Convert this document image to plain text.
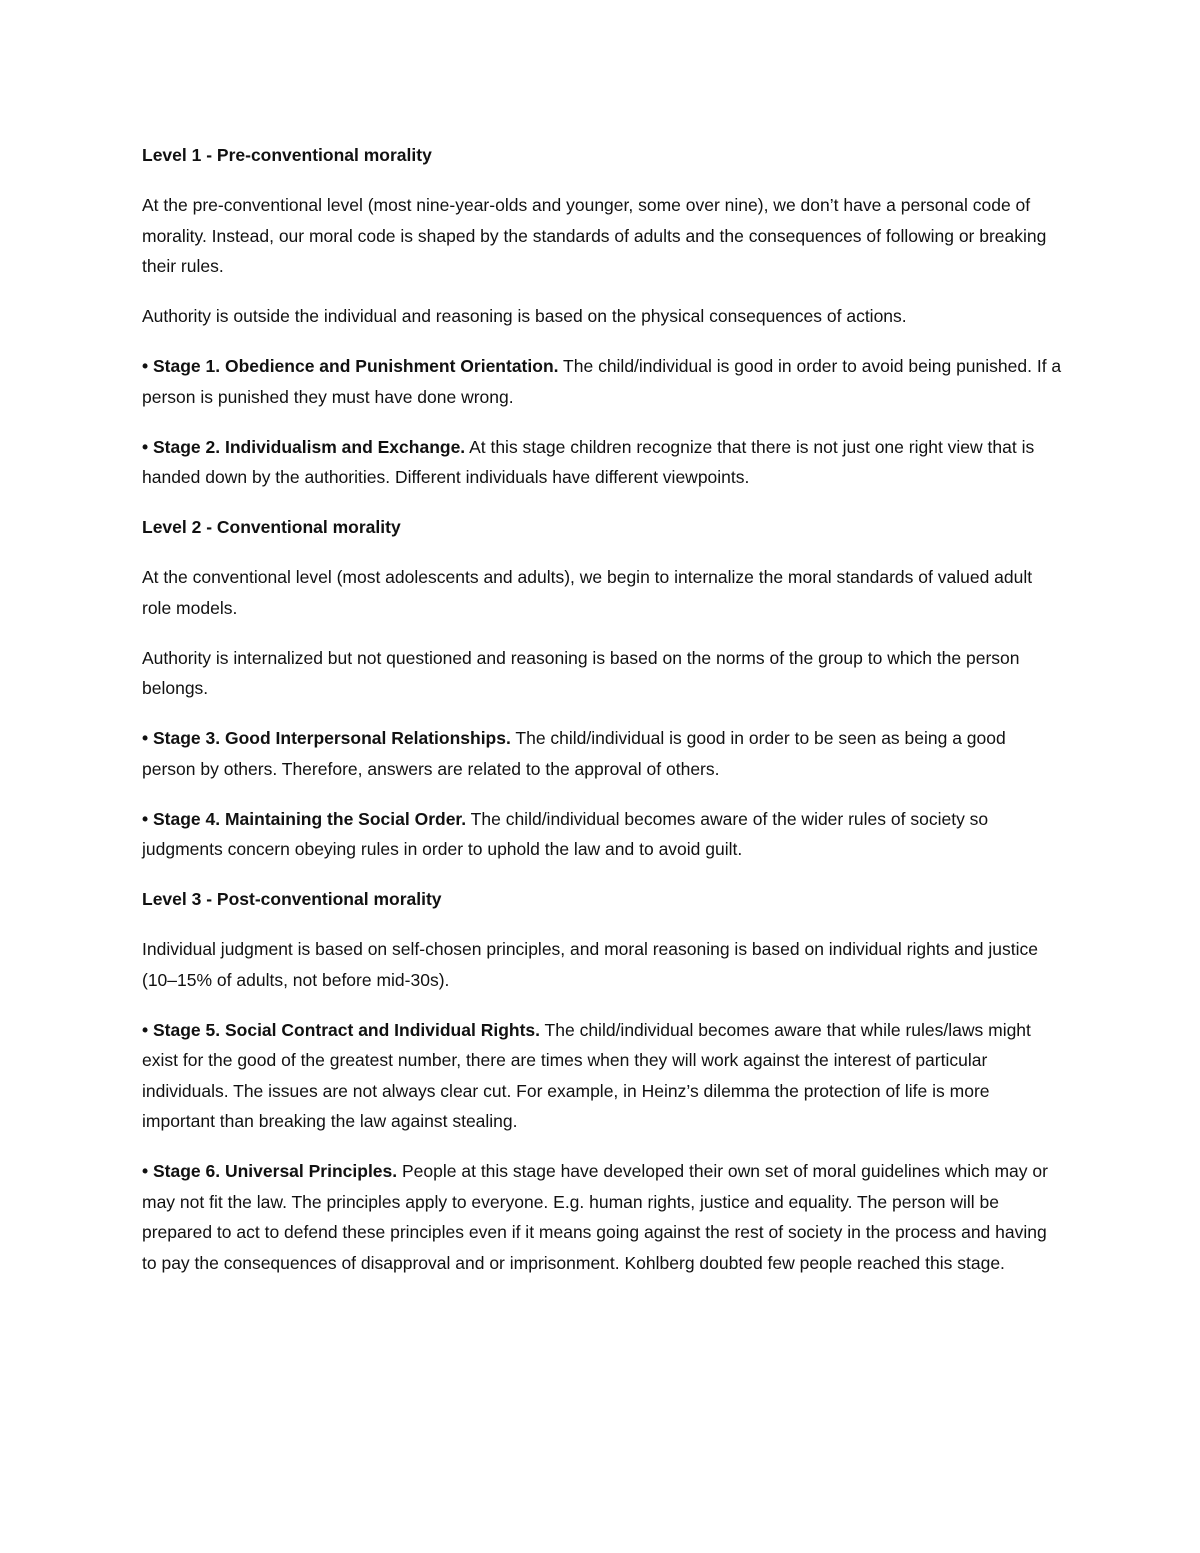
Level 1 - Pre-conventional morality

At the pre-conventional level (most nine-year-olds and younger, some over nine), we don’t have a personal code of morality. Instead, our moral code is shaped by the standards of adults and the consequences of following or breaking their rules.

Authority is outside the individual and reasoning is based on the physical consequences of actions.

• Stage 1. Obedience and Punishment Orientation. The child/individual is good in order to avoid being punished. If a person is punished they must have done wrong.

• Stage 2. Individualism and Exchange. At this stage children recognize that there is not just one right view that is handed down by the authorities. Different individuals have different viewpoints.

Level 2 - Conventional morality

At the conventional level (most adolescents and adults), we begin to internalize the moral standards of valued adult role models.

Authority is internalized but not questioned and reasoning is based on the norms of the group to which the person belongs.

• Stage 3. Good Interpersonal Relationships. The child/individual is good in order to be seen as being a good person by others. Therefore, answers are related to the approval of others.

• Stage 4. Maintaining the Social Order. The child/individual becomes aware of the wider rules of society so judgments concern obeying rules in order to uphold the law and to avoid guilt.

Level 3 - Post-conventional morality

Individual judgment is based on self-chosen principles, and moral reasoning is based on individual rights and justice (10–15% of adults, not before mid-30s).

• Stage 5. Social Contract and Individual Rights. The child/individual becomes aware that while rules/laws might exist for the good of the greatest number, there are times when they will work against the interest of particular individuals. The issues are not always clear cut. For example, in Heinz’s dilemma the protection of life is more important than breaking the law against stealing.

• Stage 6. Universal Principles. People at this stage have developed their own set of moral guidelines which may or may not fit the law. The principles apply to everyone. E.g. human rights, justice and equality. The person will be prepared to act to defend these principles even if it means going against the rest of society in the process and having to pay the consequences of disapproval and or imprisonment. Kohlberg doubted few people reached this stage.
